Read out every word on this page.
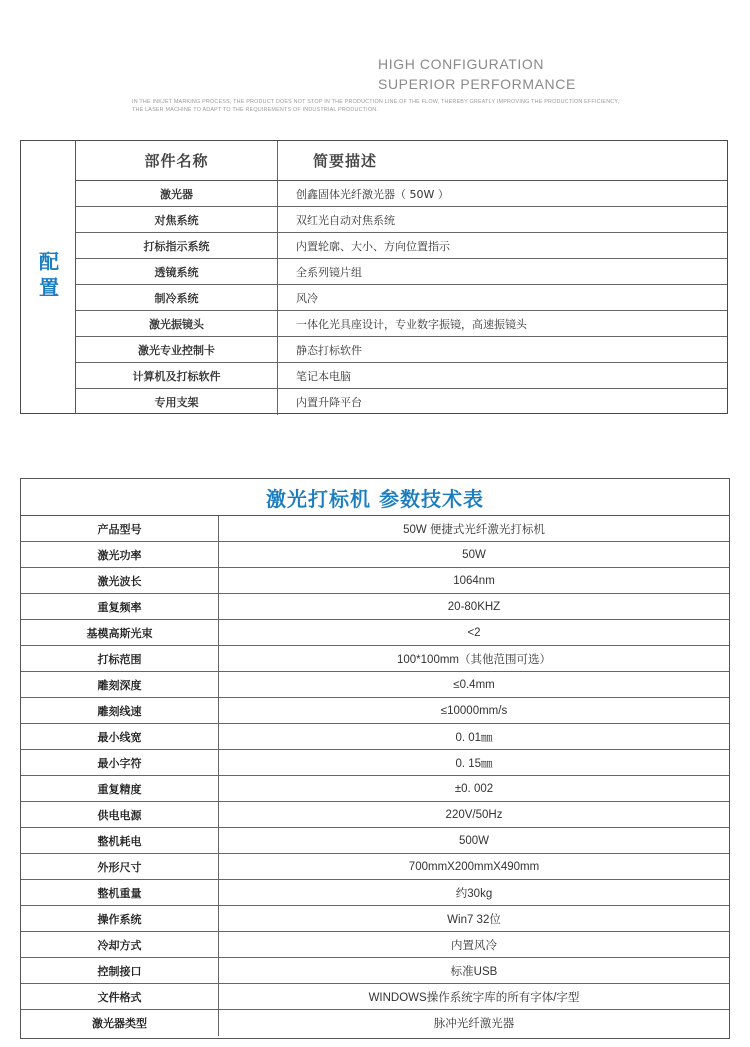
HIGH CONFIGURATION
SUPERIOR PERFORMANCE
IN THE INKJET MARKING PROCESS, THE PRODUCT DOES NOT STOP IN THE PRODUCTION LINE OF THE FLOW, THEREBY GREATLY IMPROVING THE PRODUCTION EFFICIENCY,
THE LASER MACHINE TO ADAPT TO THE REQUIREMENTS OF INDUSTRIAL PRODUCTION.
配置
部件名称	简要描述
激光器	创鑫固体光纤激光器（ 50W ）
对焦系统	双红光自动对焦系统
打标指示系统	内置轮廓、大小、方向位置指示
透镜系统	全系列镜片组
制冷系统	风冷
激光振镜头	一体化光具座设计，专业数字振镜，高速振镜头
激光专业控制卡	静态打标软件
计算机及打标软件	笔记本电脑
专用支架	内置升降平台
激光打标机 参数技术表
产品型号	50W 便捷式光纤激光打标机
激光功率	50W
激光波长	1064nm
重复频率	20-80KHZ
基模高斯光束	<2
打标范围	100*100mm（其他范围可选）
雕刻深度	≤0.4mm
雕刻线速	≤10000mm/s
最小线宽	0. 01㎜
最小字符	0. 15㎜
重复精度	±0. 002
供电电源	220V/50Hz
整机耗电	500W
外形尺寸	700mmX200mmX490mm
整机重量	约30kg
操作系统	Win7 32位
冷却方式	内置风冷
控制接口	标准USB
文件格式	WINDOWS操作系统字库的所有字体/字型
激光器类型	脉冲光纤激光器
